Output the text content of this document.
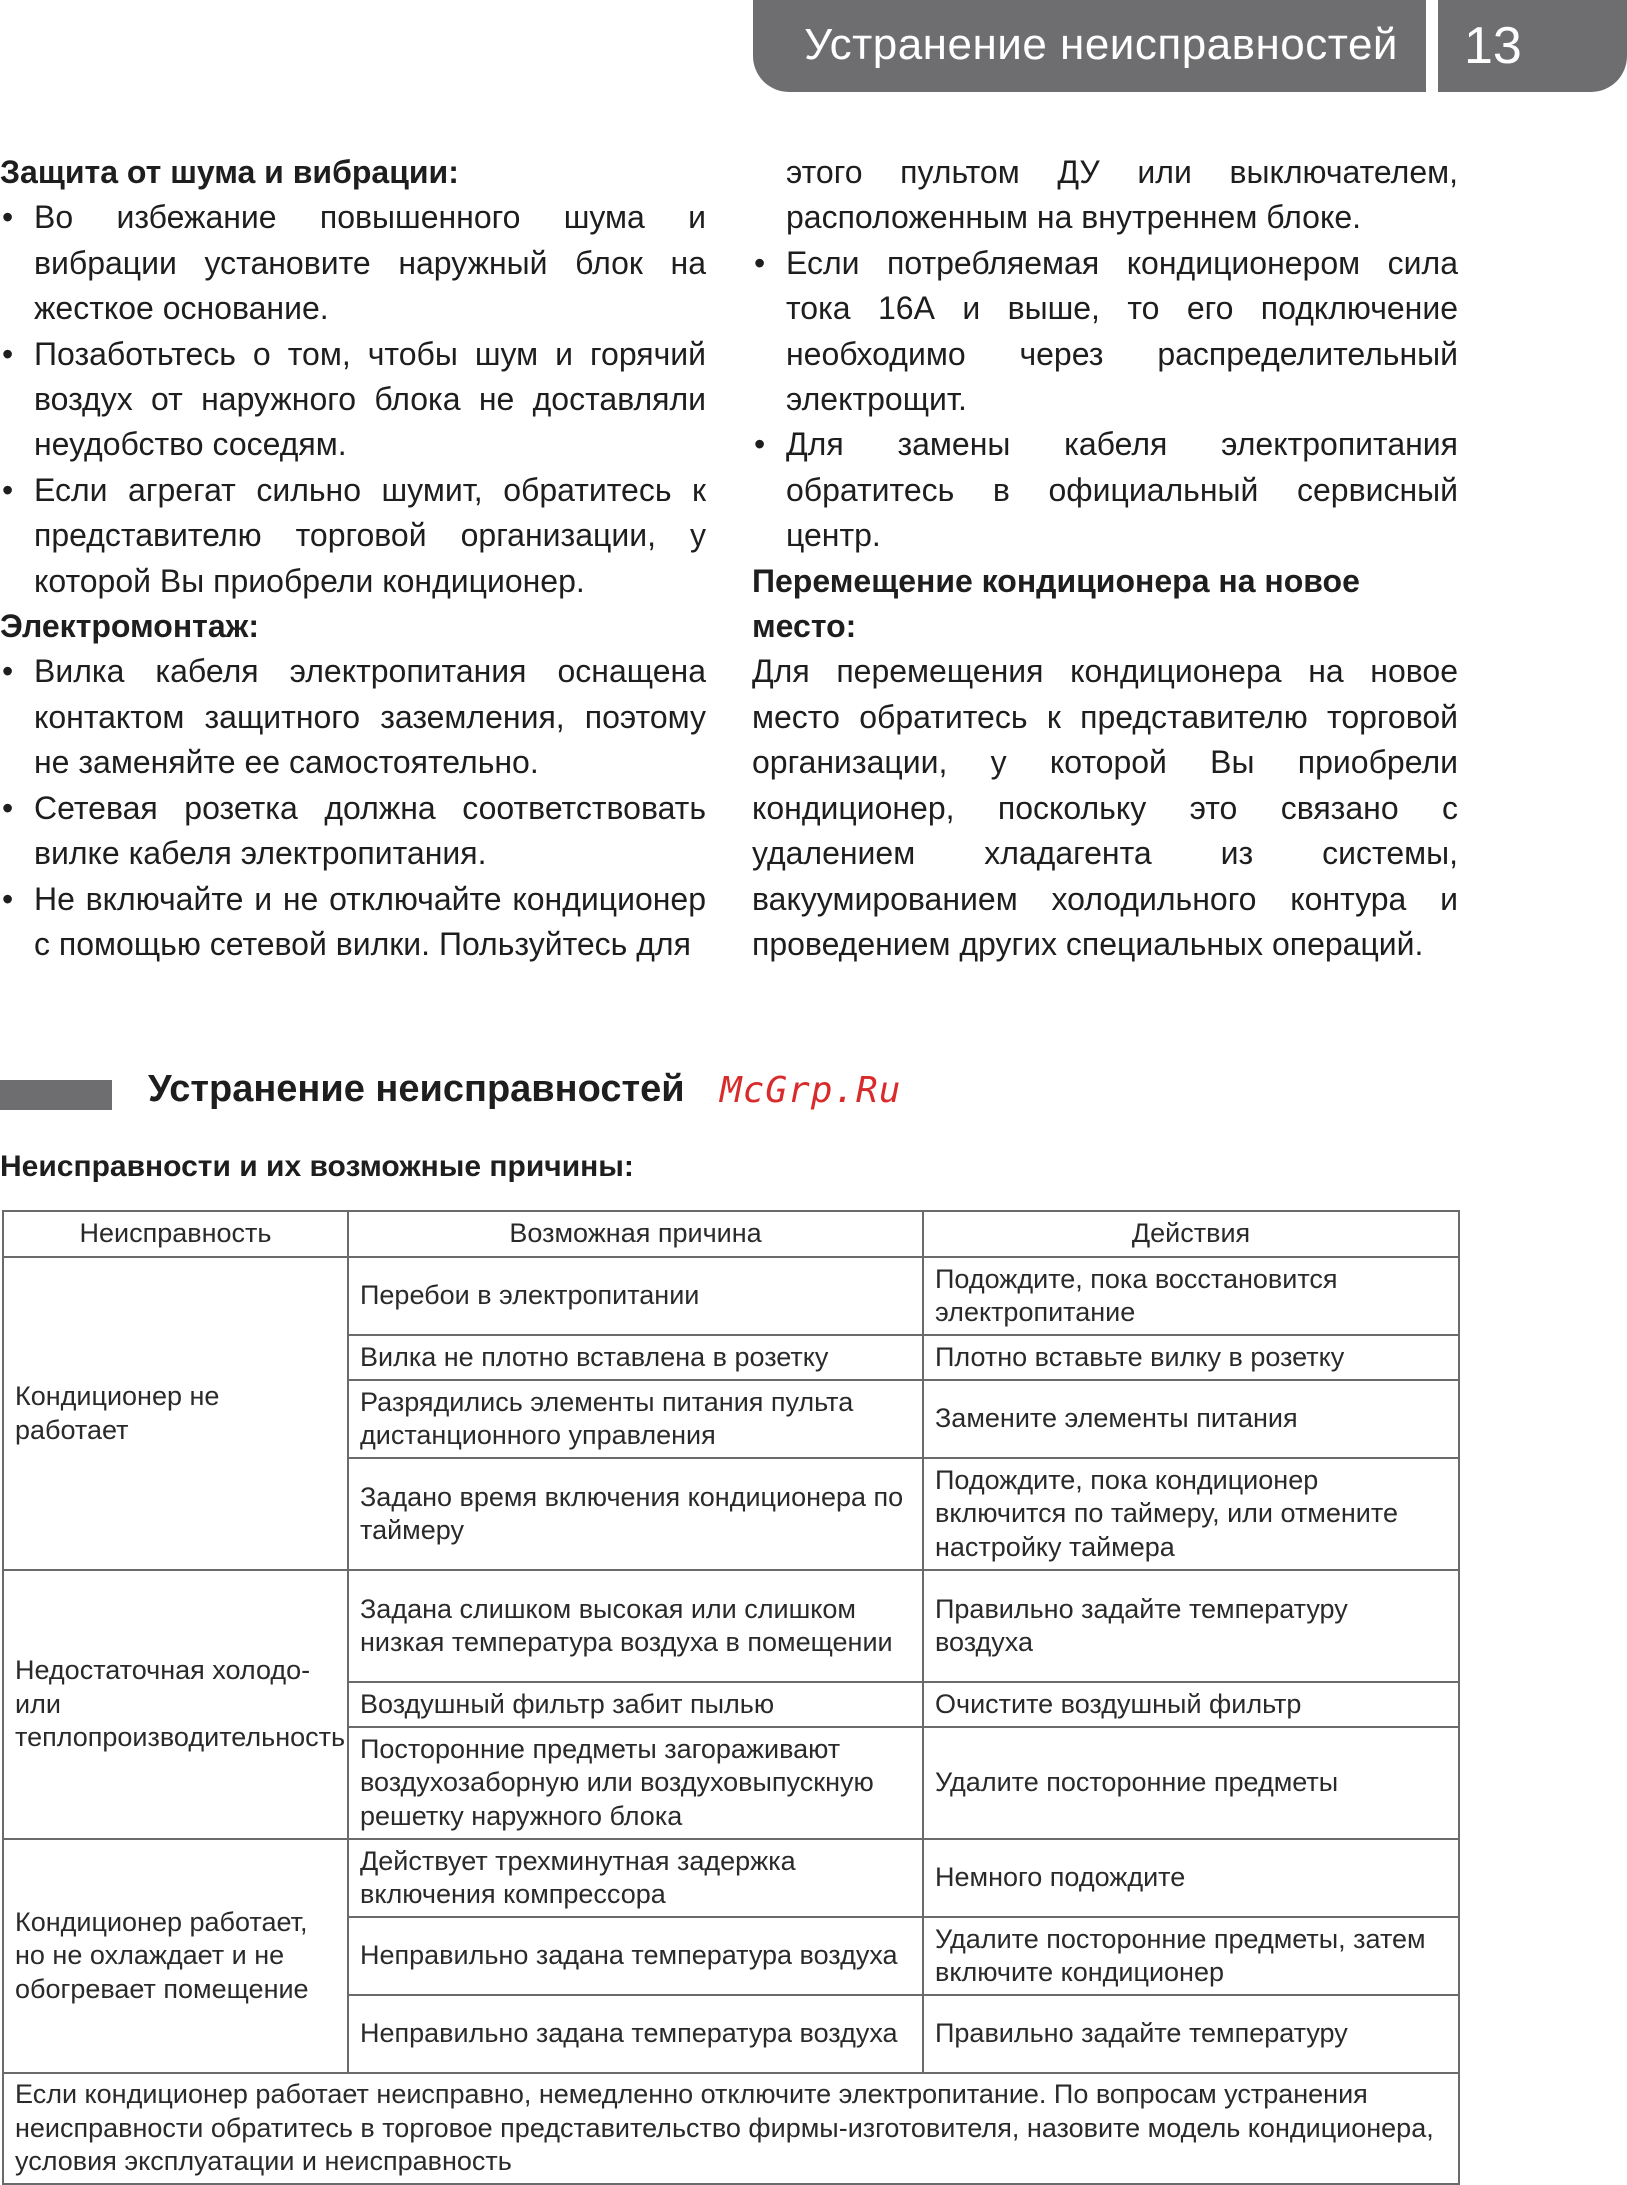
Устранение неисправностей 13
Защита от шума и вибрации:
• Во избежание повышенного шума и вибрации установите наружный блок на жесткое основание.
• Позаботьтесь о том, чтобы шум и горячий воздух от наружного блока не доставляли неудобство соседям.
• Если агрегат сильно шумит, обратитесь к представителю торговой организации, у которой Вы приобрели кондиционер.
Электромонтаж:
• Вилка кабеля электропитания оснащена контактом защитного заземления, поэтому не заменяйте ее самостоятельно.
• Сетевая розетка должна соответствовать вилке кабеля электропитания.
• Не включайте и не отключайте кондиционер с помощью сетевой вилки. Пользуйтесь для
этого пультом ДУ или выключателем, расположенным на внутреннем блоке.
• Если потребляемая кондиционером сила тока 16А и выше, то его подключение необходимо через распределительный электрощит.
• Для замены кабеля электропитания обратитесь в официальный сервисный центр.
Перемещение кондиционера на новое место:

Для перемещения кондиционера на новое место обратитесь к представителю торговой организации, у которой Вы приобрели кондиционер, поскольку это связано с удалением хладагента из системы, вакуумированием холодильного контура и проведением других специальных операций.

Устранение неисправностей McGrp.Ru
Неисправности и их возможные причины:
Неисправность	Возможная причина	Действия
Кондиционер не работает	Перебои в электропитании	Подождите, пока восстановится электропитание
	Вилка не плотно вставлена в розетку	Плотно вставьте вилку в розетку
	Разрядились элементы питания пульта дистанционного управления	Замените элементы питания
	Задано время включения кондиционера по таймеру	Подождите, пока кондиционер включится по таймеру, или отмените настройку таймера
Недостаточная холодо- или теплопроизводительность	Задана слишком высокая или слишком низкая температура воздуха в помещении	Правильно задайте температуру воздуха
	Воздушный фильтр забит пылью	Очистите воздушный фильтр
	Посторонние предметы загораживают воздухозаборную или воздуховыпускную решетку наружного блока	Удалите посторонние предметы
Кондиционер работает, но не охлаждает и не обогревает помещение	Действует трехминутная задержка включения компрессора	Немного подождите
	Неправильно задана температура воздуха	Удалите посторонние предметы, затем включите кондиционер
	Неправильно задана температура воздуха	Правильно задайте температуру
Если кондиционер работает неисправно, немедленно отключите электропитание. По вопросам устранения неисправности обратитесь в торговое представительство фирмы-изготовителя, назовите модель кондиционера, условия эксплуатации и неисправность		
